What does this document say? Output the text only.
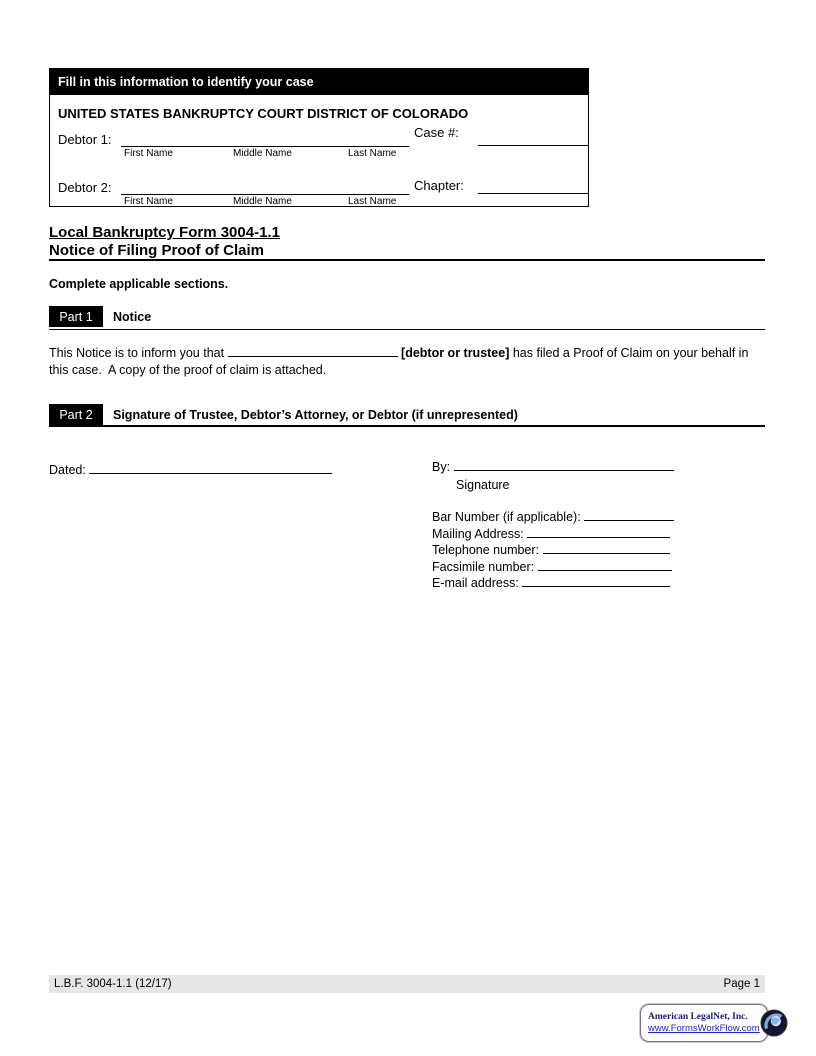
Fill in this information to identify your case
UNITED STATES BANKRUPTCY COURT DISTRICT OF COLORADO
Debtor 1:
First Name	Middle Name	Last Name
Case #:
Debtor 2:
First Name	Middle Name	Last Name
Chapter:
Local Bankruptcy Form 3004-1.1
Notice of Filing Proof of Claim
Complete applicable sections.
Part 1	Notice
This Notice is to inform you that	[debtor or trustee] has filed a Proof of Claim on your behalf in this case.  A copy of the proof of claim is attached.
Part 2	Signature of Trustee, Debtor’s Attorney, or Debtor (if unrepresented)
Dated:	By:
Signature
Bar Number (if applicable):
Mailing Address:
Telephone number:
Facsimile number:
E-mail address:
L.B.F. 3004-1.1 (12/17)	Page 1
American LegalNet, Inc.
www.FormsWorkFlow.com
